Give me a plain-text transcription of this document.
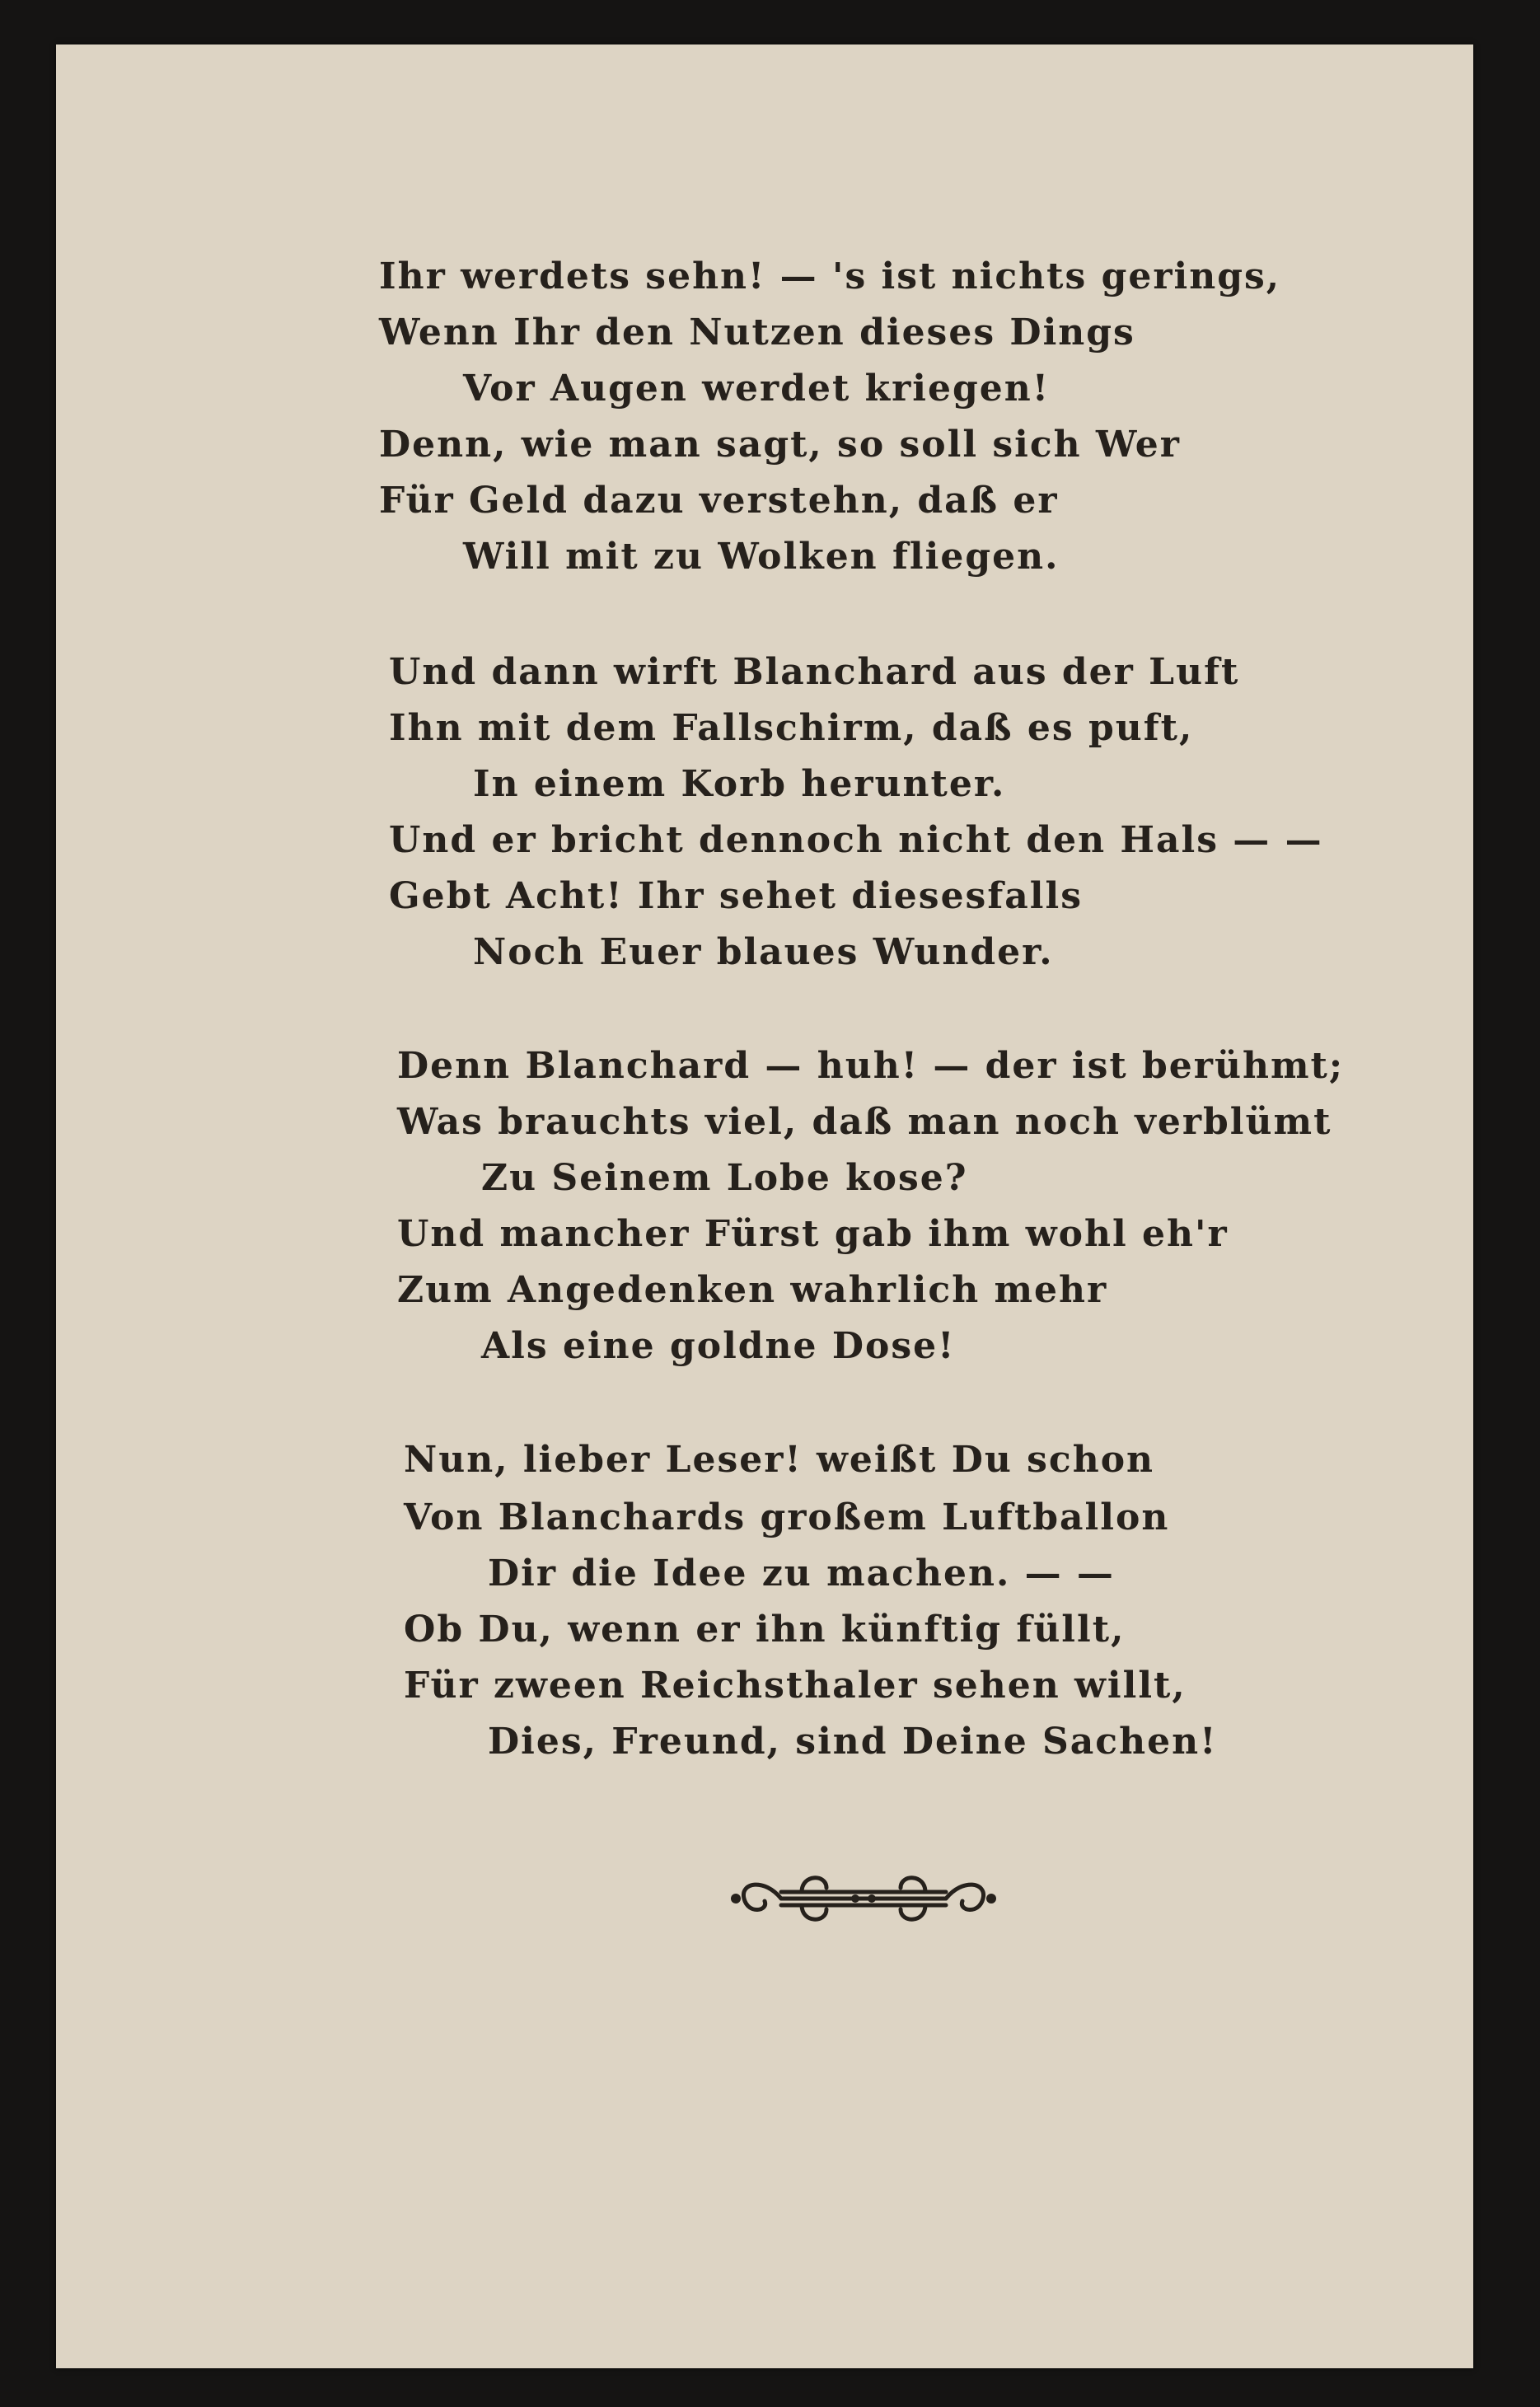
Ihr werdets sehn! — 's ist nichts gerings,
Wenn Ihr den Nutzen dieses Dings
Vor Augen werdet kriegen!
Denn, wie man sagt, so soll sich Wer
Für Geld dazu verstehn, daß er
Will mit zu Wolken fliegen.
Und dann wirft Blanchard aus der Luft
Ihn mit dem Fallschirm, daß es puft,
In einem Korb herunter.
Und er bricht dennoch nicht den Hals — —
Gebt Acht! Ihr sehet diesesfalls
Noch Euer blaues Wunder.
Denn Blanchard — huh! — der ist berühmt;
Was brauchts viel, daß man noch verblümt
Zu Seinem Lobe kose?
Und mancher Fürst gab ihm wohl eh'r
Zum Angedenken wahrlich mehr
Als eine goldne Dose!
Nun, lieber Leser! weißt Du schon
Von Blanchards großem Luftballon
Dir die Idee zu machen. — —
Ob Du, wenn er ihn künftig füllt,
Für zween Reichsthaler sehen willt,
Dies, Freund, sind Deine Sachen!
